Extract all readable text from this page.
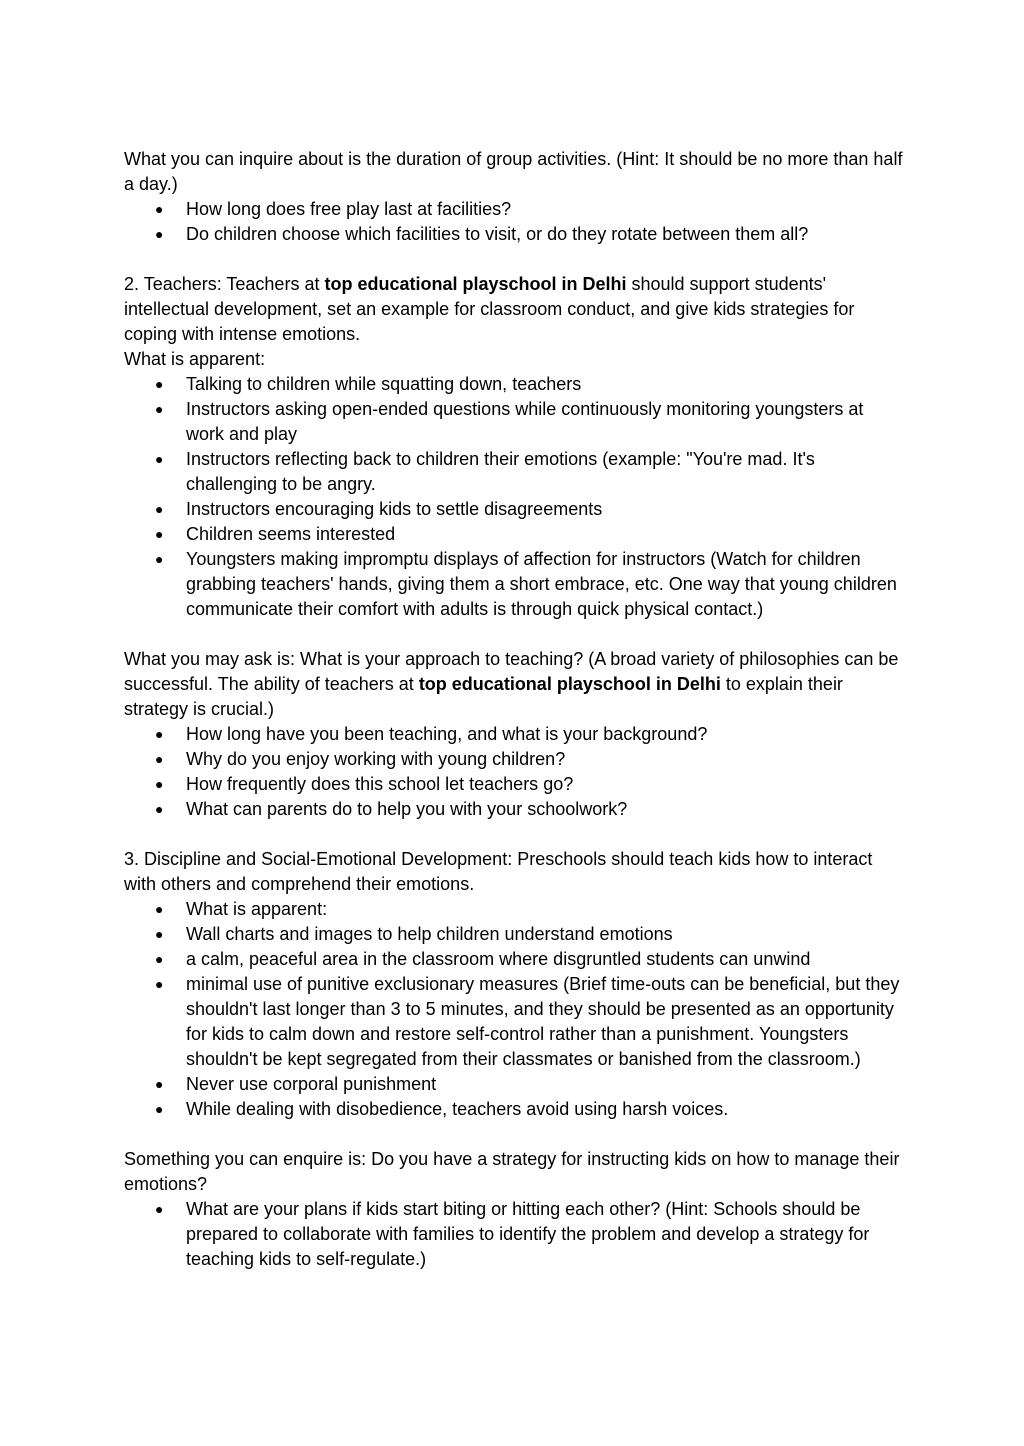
What you can inquire about is the duration of group activities. (Hint: It should be no more than half a day.)

● How long does free play last at facilities?
● Do children choose which facilities to visit, or do they rotate between them all?

2. Teachers: Teachers at top educational playschool in Delhi should support students' intellectual development, set an example for classroom conduct, and give kids strategies for coping with intense emotions.

What is apparent:

● Talking to children while squatting down, teachers
● Instructors asking open-ended questions while continuously monitoring youngsters at work and play
● Instructors reflecting back to children their emotions (example: "You're mad. It's challenging to be angry.
● Instructors encouraging kids to settle disagreements
● Children seems interested
● Youngsters making impromptu displays of affection for instructors (Watch for children grabbing teachers' hands, giving them a short embrace, etc. One way that young children communicate their comfort with adults is through quick physical contact.)

What you may ask is: What is your approach to teaching? (A broad variety of philosophies can be successful. The ability of teachers at top educational playschool in Delhi to explain their strategy is crucial.)

● How long have you been teaching, and what is your background?
● Why do you enjoy working with young children?
● How frequently does this school let teachers go?
● What can parents do to help you with your schoolwork?

3. Discipline and Social-Emotional Development: Preschools should teach kids how to interact with others and comprehend their emotions.

● What is apparent:
● Wall charts and images to help children understand emotions
● a calm, peaceful area in the classroom where disgruntled students can unwind
● minimal use of punitive exclusionary measures (Brief time-outs can be beneficial, but they shouldn't last longer than 3 to 5 minutes, and they should be presented as an opportunity for kids to calm down and restore self-control rather than a punishment. Youngsters shouldn't be kept segregated from their classmates or banished from the classroom.)
● Never use corporal punishment
● While dealing with disobedience, teachers avoid using harsh voices.

Something you can enquire is: Do you have a strategy for instructing kids on how to manage their emotions?

● What are your plans if kids start biting or hitting each other? (Hint: Schools should be prepared to collaborate with families to identify the problem and develop a strategy for teaching kids to self-regulate.)
